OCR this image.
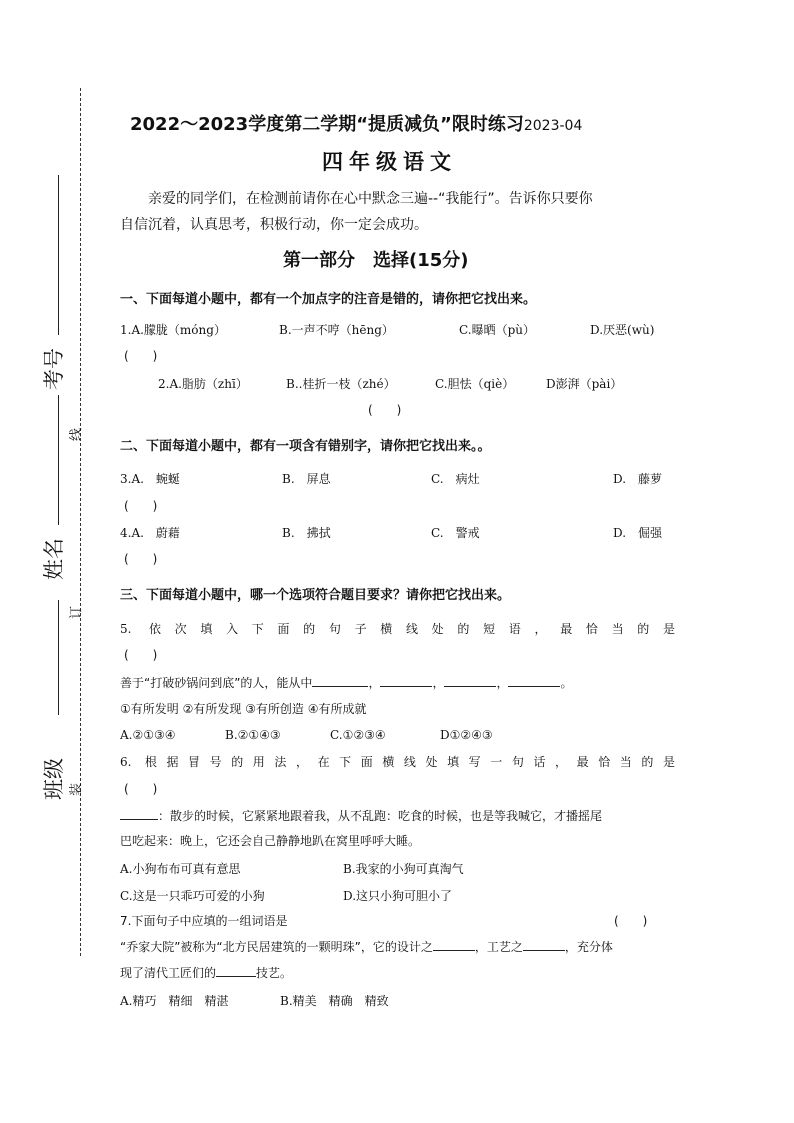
考号
姓名
班级
线
订
装
2022～2023学度第二学期“提质减负”限时练习2023-04
四年级语文
亲爱的同学们，在检测前请你在心中默念三遍--“我能行”。告诉你只要你
自信沉着，认真思考，积极行动，你一定会成功。
第一部分　选择(15分)
一、下面每道小题中，都有一个加点字的注音是错的，请你把它找出来。
1.A.朦胧（móng）	B.一声不哼（hēng）	C.曝晒（pù）	D.厌恶(wù)
(　　)
2.A.脂肪（zhī）	B..桂折一枝（zhé）	C.胆怯（qiè）	D澎湃（pài）
(　　)
二、下面每道小题中，都有一项含有错别字，请你把它找出来。。
3.A.　蜿蜒	B.　屏息	C.　病灶	D.　藤萝
(　　)
4.A.　蔚藉	B.　拂拭	C.　警戒	D.　倔强
(　　)
三、下面每道小题中，哪一个选项符合题目要求？请你把它找出来。
5. 依次填入下面的句子横线处的短语，最恰当的是
(　　)
善于“打破砂锅问到底”的人，能从中	，	，	，	。
①有所发明 ②有所发现 ③有所创造 ④有所成就
A.②①③④	B.②①④③	C.①②③④	D①②④③
6. 根据冒号的用法，在下面横线处填写一句话，最恰当的是
(　　)
：散步的时候，它紧紧地跟着我，从不乱跑：吃食的时候，也是等我喊它，才播摇尾
巴吃起来：晚上，它还会自己静静地趴在窝里呼呼大睡。
A.小狗布布可真有意思	B.我家的小狗可真淘气
C.这是一只乖巧可爱的小狗	D.这只小狗可胆小了
7.下面句子中应填的一组词语是	(　　)
“乔家大院”被称为“北方民居建筑的一颗明珠”，它的设计之	，工艺之	，充分体
现了清代工匠们的	技艺。
A.精巧　精细　精湛	B.精美　精确　精致
